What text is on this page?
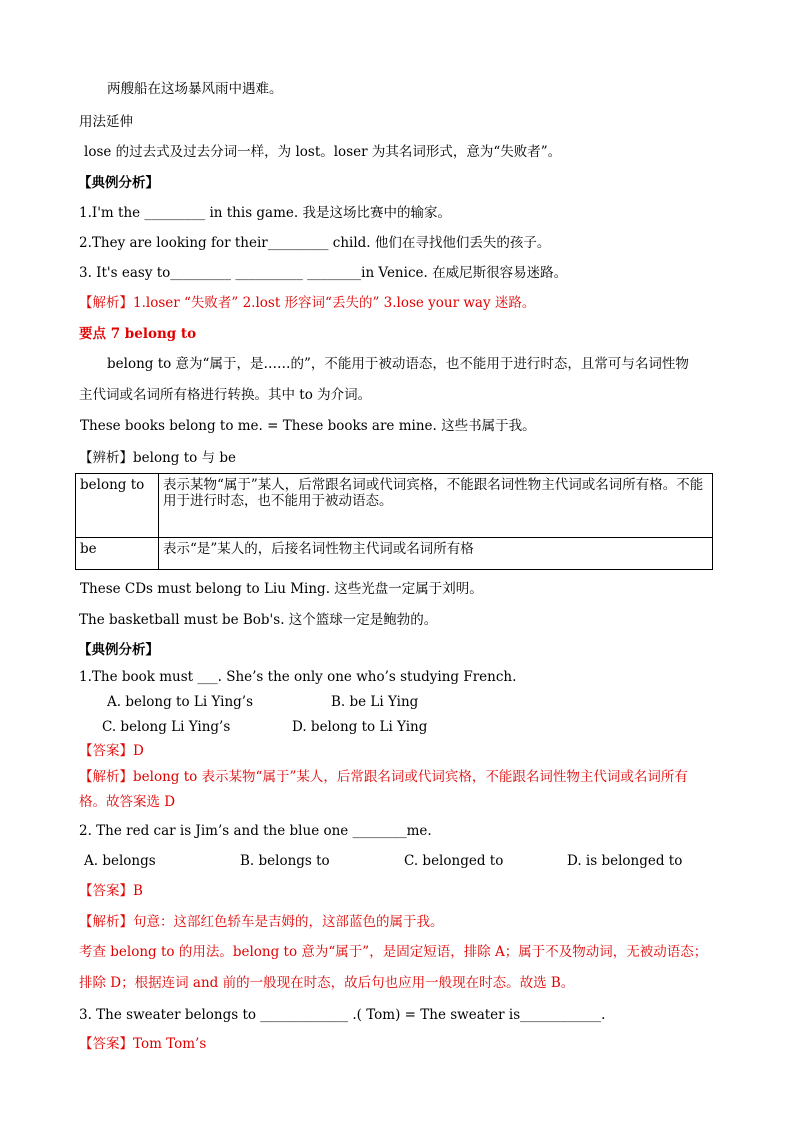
两艘船在这场暴风雨中遇难。
用法延伸
lose 的过去式及过去分词一样，为 lost。loser 为其名词形式，意为“失败者”。
【典例分析】
1.I'm the _________ in this game. 我是这场比赛中的输家。
2.They are looking for their_________ child. 他们在寻找他们丢失的孩子。
3. It's easy to_________ __________ ________in Venice. 在威尼斯很容易迷路。
【解析】1.loser “失败者” 2.lost 形容词“丢失的” 3.lose your way 迷路。
要点 7 belong to
belong to 意为“属于，是……的”，不能用于被动语态，也不能用于进行时态，且常可与名词性物
主代词或名词所有格进行转换。其中 to 为介词。
These books belong to me. = These books are mine. 这些书属于我。
【辨析】belong to 与 be
belong to	表示某物“属于”某人，后常跟名词或代词宾格，不能跟名词性物主代词或名词所有格。不能用于进行时态，也不能用于被动语态。
be	表示“是”某人的，后接名词性物主代词或名词所有格
These CDs must belong to Liu Ming. 这些光盘一定属于刘明。
The basketball must be Bob's. 这个篮球一定是鲍勃的。
【典例分析】
1.The book must ___. She’s the only one who’s studying French.
A. belong to Li Ying’s	B. be Li Ying
C. belong Li Ying’s	D. belong to Li Ying
【答案】D
【解析】belong to 表示某物“属于”某人，后常跟名词或代词宾格，不能跟名词性物主代词或名词所有
格。故答案选 D
2. The red car is Jim’s and the blue one ________me.
A. belongs	B. belongs to	C. belonged to	D. is belonged to
【答案】B
【解析】句意：这部红色轿车是吉姆的，这部蓝色的属于我。
考查 belong to 的用法。belong to 意为“属于”，是固定短语，排除 A；属于不及物动词，无被动语态；
排除 D；根据连词 and 前的一般现在时态，故后句也应用一般现在时态。故选 B。
3. The sweater belongs to _____________ .( Tom) = The sweater is____________.
【答案】Tom Tom’s
